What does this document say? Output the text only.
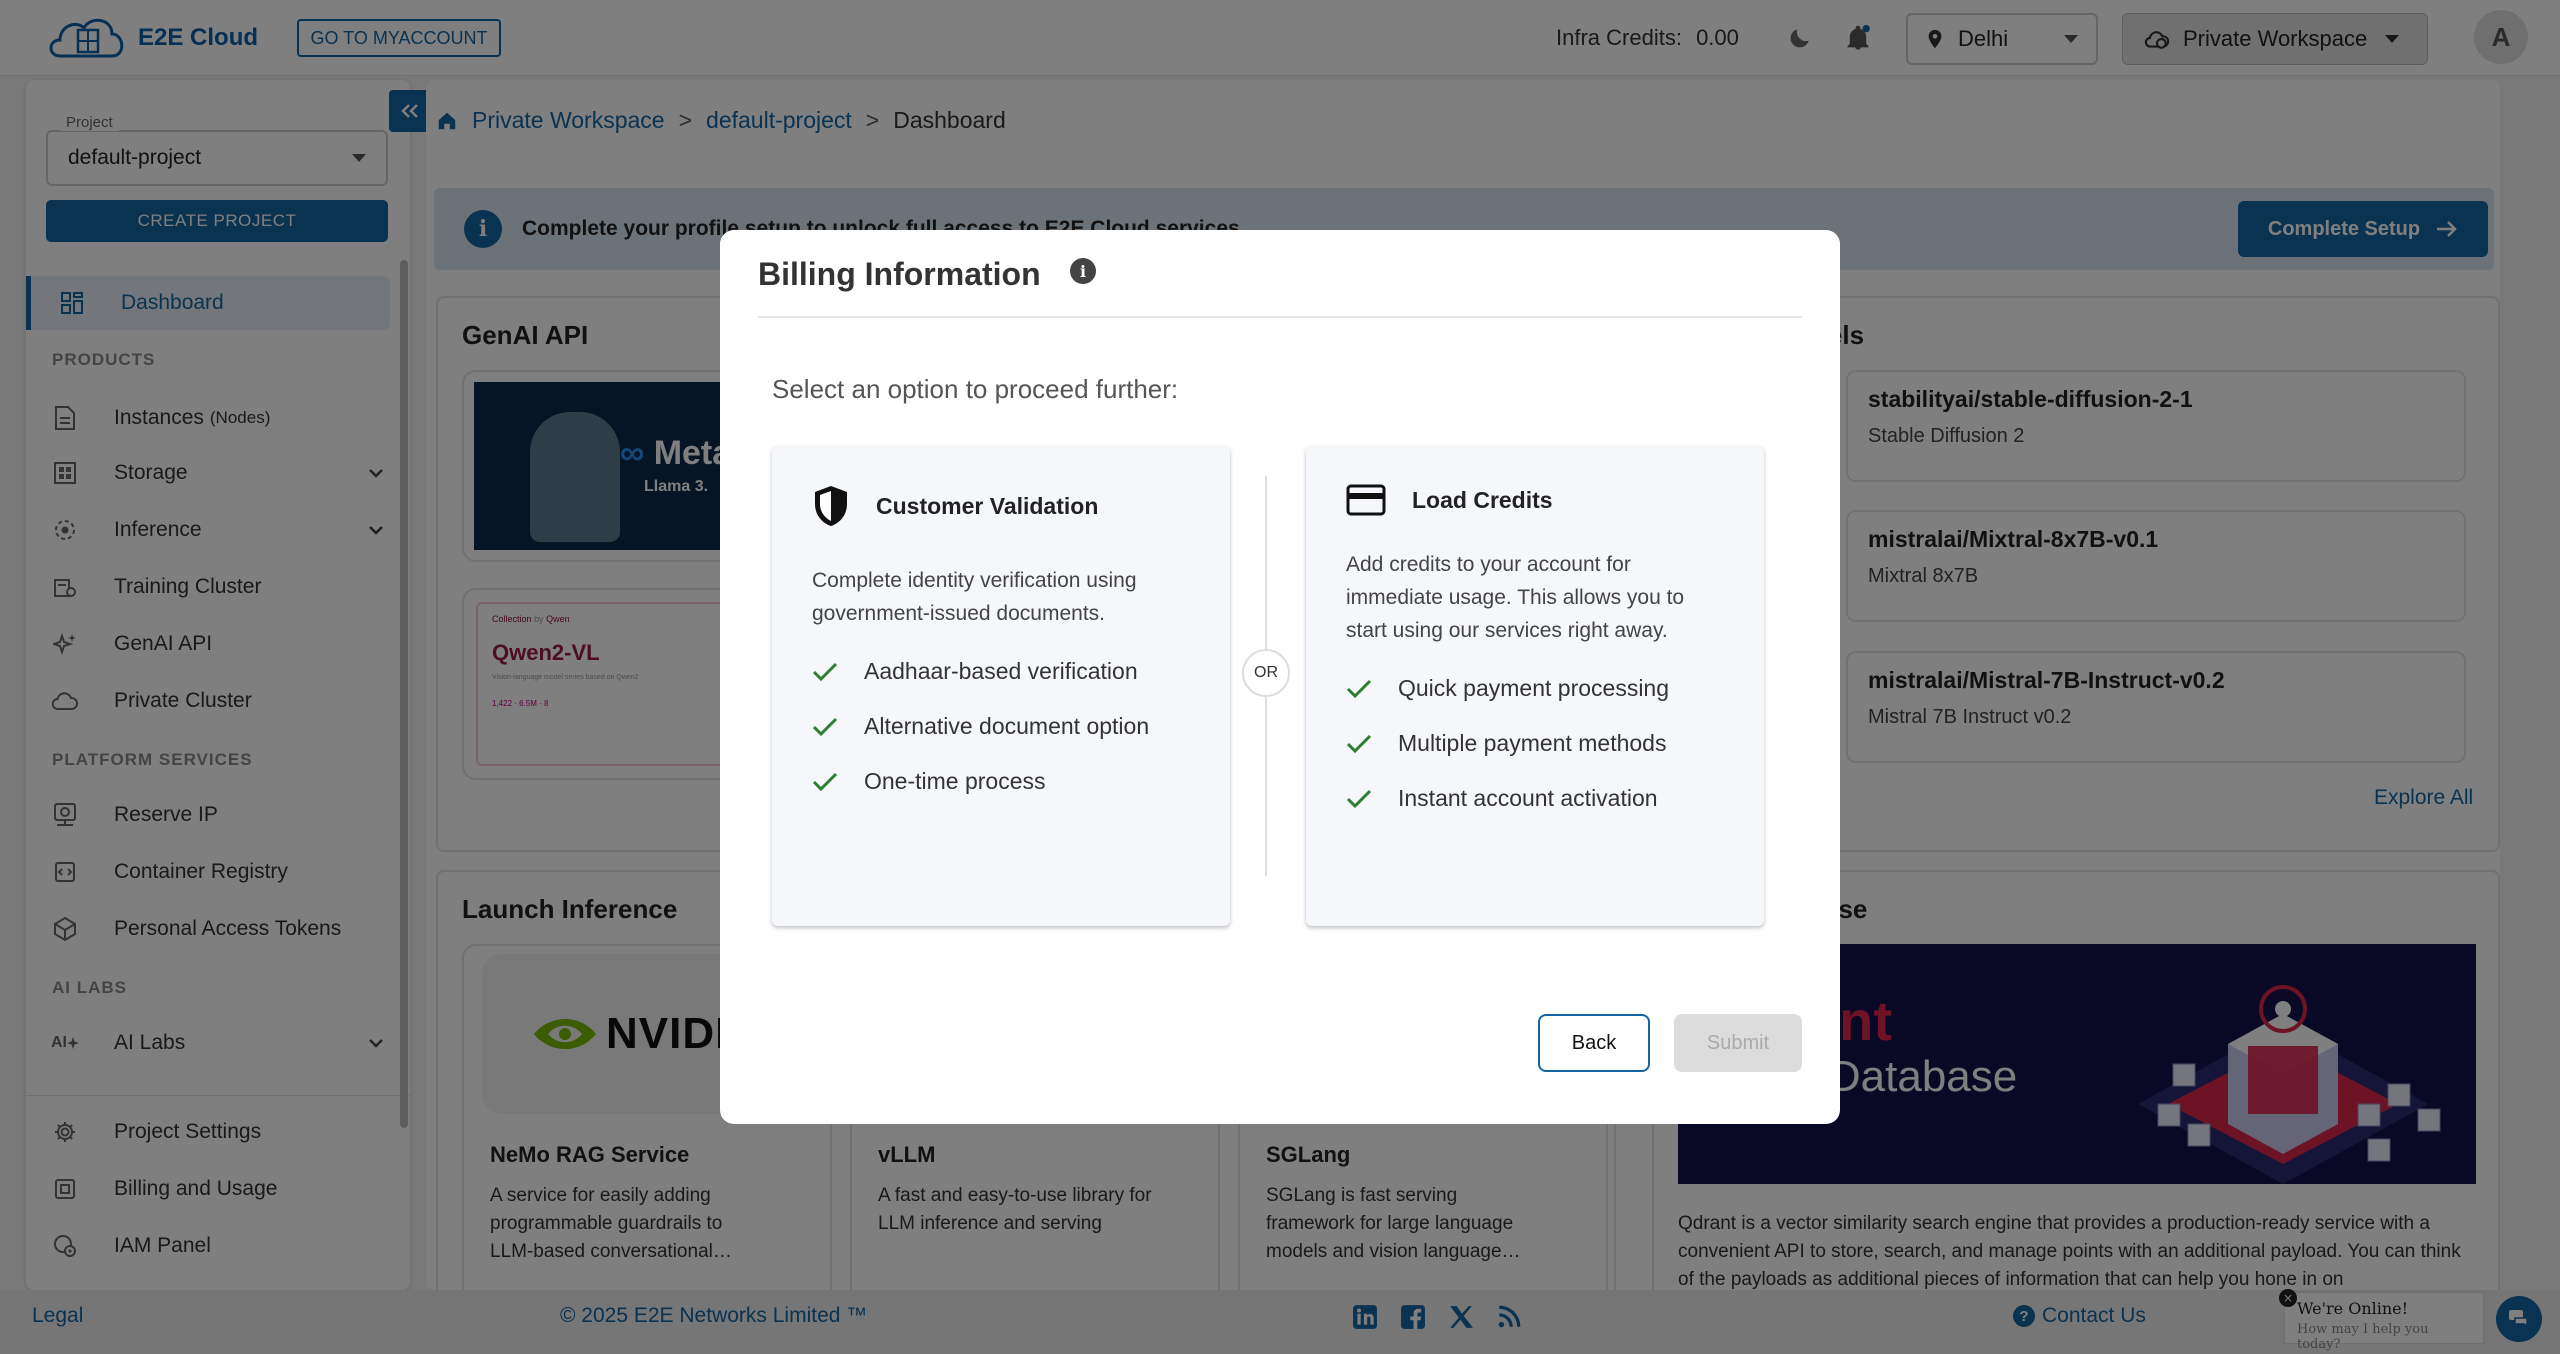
Billing Information	i
Select an option to proceed further:
Customer Validation
Complete identity verification using government-issued documents.
Aadhaar-based verification
Alternative document option
One-time process
OR
Load Credits
Add credits to your account for immediate usage. This allows you to start using our services right away.
Quick payment processing
Multiple payment methods
Instant account activation
Back	Submit
